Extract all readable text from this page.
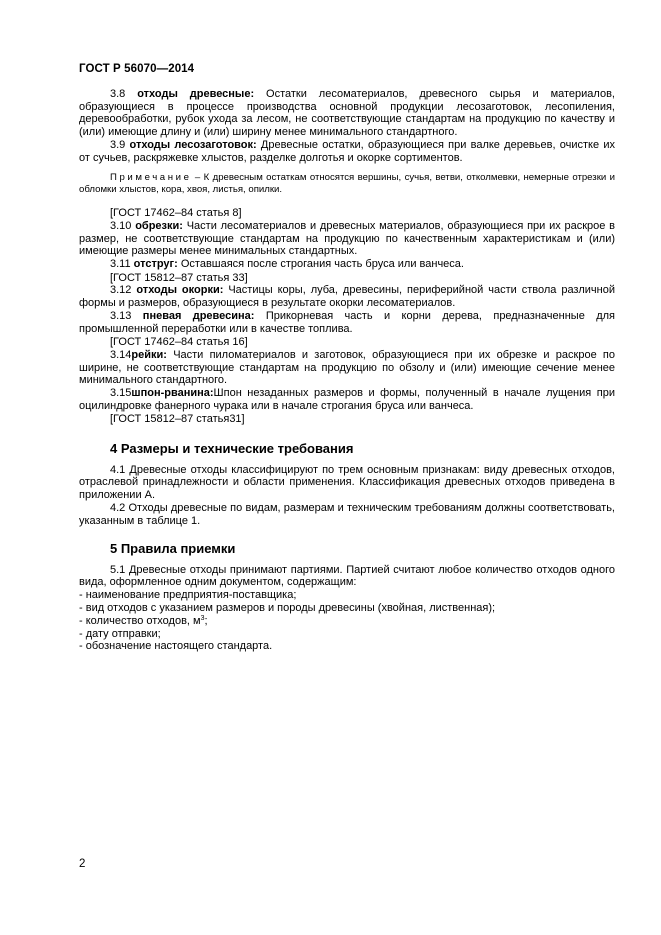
ГОСТ Р 56070—2014

3.8 отходы древесные: Остатки лесоматериалов, древесного сырья и материалов, образующиеся в процессе производства основной продукции лесозаготовок, лесопиления, деревообработки, рубок ухода за лесом, не соответствующие стандартам на продукцию по качеству и (или) имеющие длину и (или) ширину менее минимального стандартного.

3.9 отходы лесозаготовок: Древесные остатки, образующиеся при валке деревьев, очистке их от сучьев, раскряжевке хлыстов, разделке долготья и окорке сортиментов.

Примечание – К древесным остаткам относятся вершины, сучья, ветви, отколмевки, немерные отрезки и обломки хлыстов, кора, хвоя, листья, опилки.

[ГОСТ 17462–84 статья 8]

3.10 обрезки: Части лесоматериалов и древесных материалов, образующиеся при их раскрое в размер, не соответствующие стандартам на продукцию по качественным характеристикам и (или) имеющие размеры менее минимальных стандартных.

3.11 отструг: Оставшаяся после строгания часть бруса или ванчеса.

[ГОСТ 15812–87 статья 33]

3.12 отходы окорки: Частицы коры, луба, древесины, периферийной части ствола различной формы и размеров, образующиеся в результате окорки лесоматериалов.

3.13 пневая древесина: Прикорневая часть и корни дерева, предназначенные для промышленной переработки или в качестве топлива.

[ГОСТ 17462–84 статья 16]

3.14рейки: Части пиломатериалов и заготовок, образующиеся при их обрезке и раскрое по ширине, не соответствующие стандартам на продукцию по обзолу и (или) имеющие сечение менее минимального стандартного.

3.15шпон-рванина:Шпон незаданных размеров и формы, полученный в начале лущения при оцилиндровке фанерного чурака или в начале строгания бруса или ванчеса.

[ГОСТ 15812–87 статья31]

4 Размеры и технические требования

4.1 Древесные отходы классифицируют по трем основным признакам: виду древесных отходов, отраслевой принадлежности и области применения. Классификация древесных отходов приведена в приложении А.

4.2 Отходы древесные по видам, размерам и техническим требованиям должны соответствовать, указанным в таблице 1.

5 Правила приемки

5.1 Древесные отходы принимают партиями. Партией считают любое количество отходов одного вида, оформленное одним документом, содержащим:

- наименование предприятия-поставщика;

- вид отходов с указанием размеров и породы древесины (хвойная, лиственная);

- количество отходов, $м^3$;

- дату отправки;

- обозначение настоящего стандарта.

2
